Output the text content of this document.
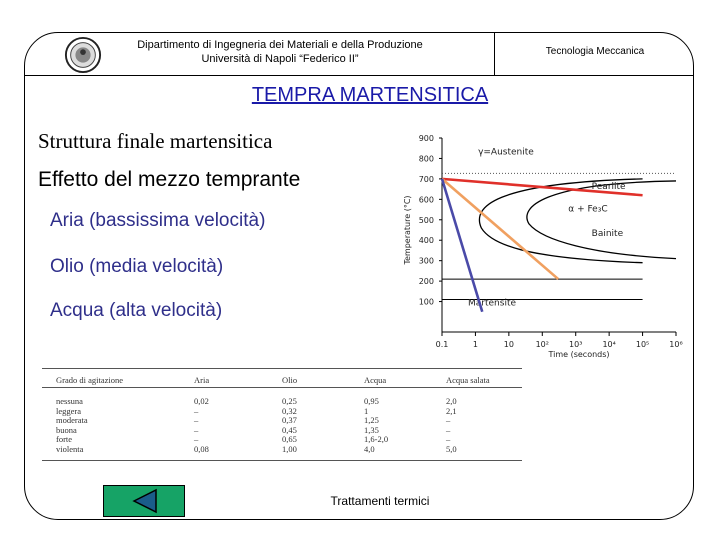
Dipartimento di Ingegneria dei Materiali e della Produzione
Università di Napoli “Federico II”
Tecnologia Meccanica
TEMPRA MARTENSITICA
Struttura finale martensitica
Effetto del mezzo temprante
Aria (bassissima velocità)
Olio (media velocità)
Acqua (alta velocità)
900
800
700
600
500
400
300
200
100
0.1	1	10	10²	10³	10⁴	10⁵	10⁶
Temperature (°C)
Time (seconds)
γ=Austenite
Pearlite
α + Fe₃C
Bainite
Martensite
Grado di agitazione	Aria	Olio	Acqua	Acqua salata
nessuna	0,02	0,25	0,95	2,0
leggera	–	0,32	1	2,1
moderata	–	0,37	1,25	–
buona	–	0,45	1,35	–
forte	–	0,65	1,6-2,0	–
violenta	0,08	1,00	4,0	5,0
Trattamenti termici
